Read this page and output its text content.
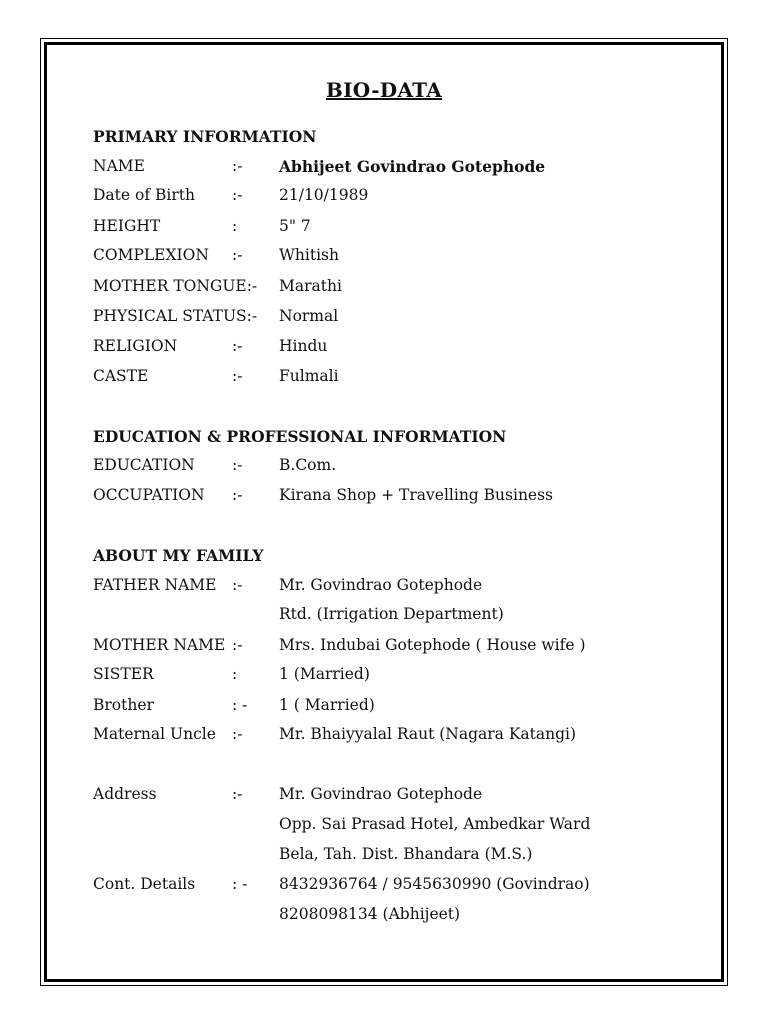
BIO-DATA
PRIMARY INFORMATION
NAME	:- Abhijeet Govindrao Gotephode
Date of Birth :- 21/10/1989
HEIGHT	:	5" 7
COMPLEXION :- Whitish
MOTHER TONGUE:- Marathi
PHYSICAL STATUS:- Normal
RELIGION	:- Hindu
CASTE	:- Fulmali
EDUCATION & PROFESSIONAL INFORMATION
EDUCATION :- B.Com.
OCCUPATION :- Kirana Shop + Travelling Business
ABOUT MY FAMILY
FATHER NAME :- Mr. Govindrao Gotephode
Rtd. (Irrigation Department)
MOTHER NAME :- Mrs. Indubai Gotephode ( House wife )
SISTER	:	1 (Married)
Brother	: - 1 ( Married)
Maternal Uncle :- Mr. Bhaiyyalal Raut (Nagara Katangi)
Address	:- Mr. Govindrao Gotephode
Opp. Sai Prasad Hotel, Ambedkar Ward
Bela, Tah. Dist. Bhandara (M.S.)
Cont. Details : - 8432936764 / 9545630990 (Govindrao)
8208098134 (Abhijeet)
